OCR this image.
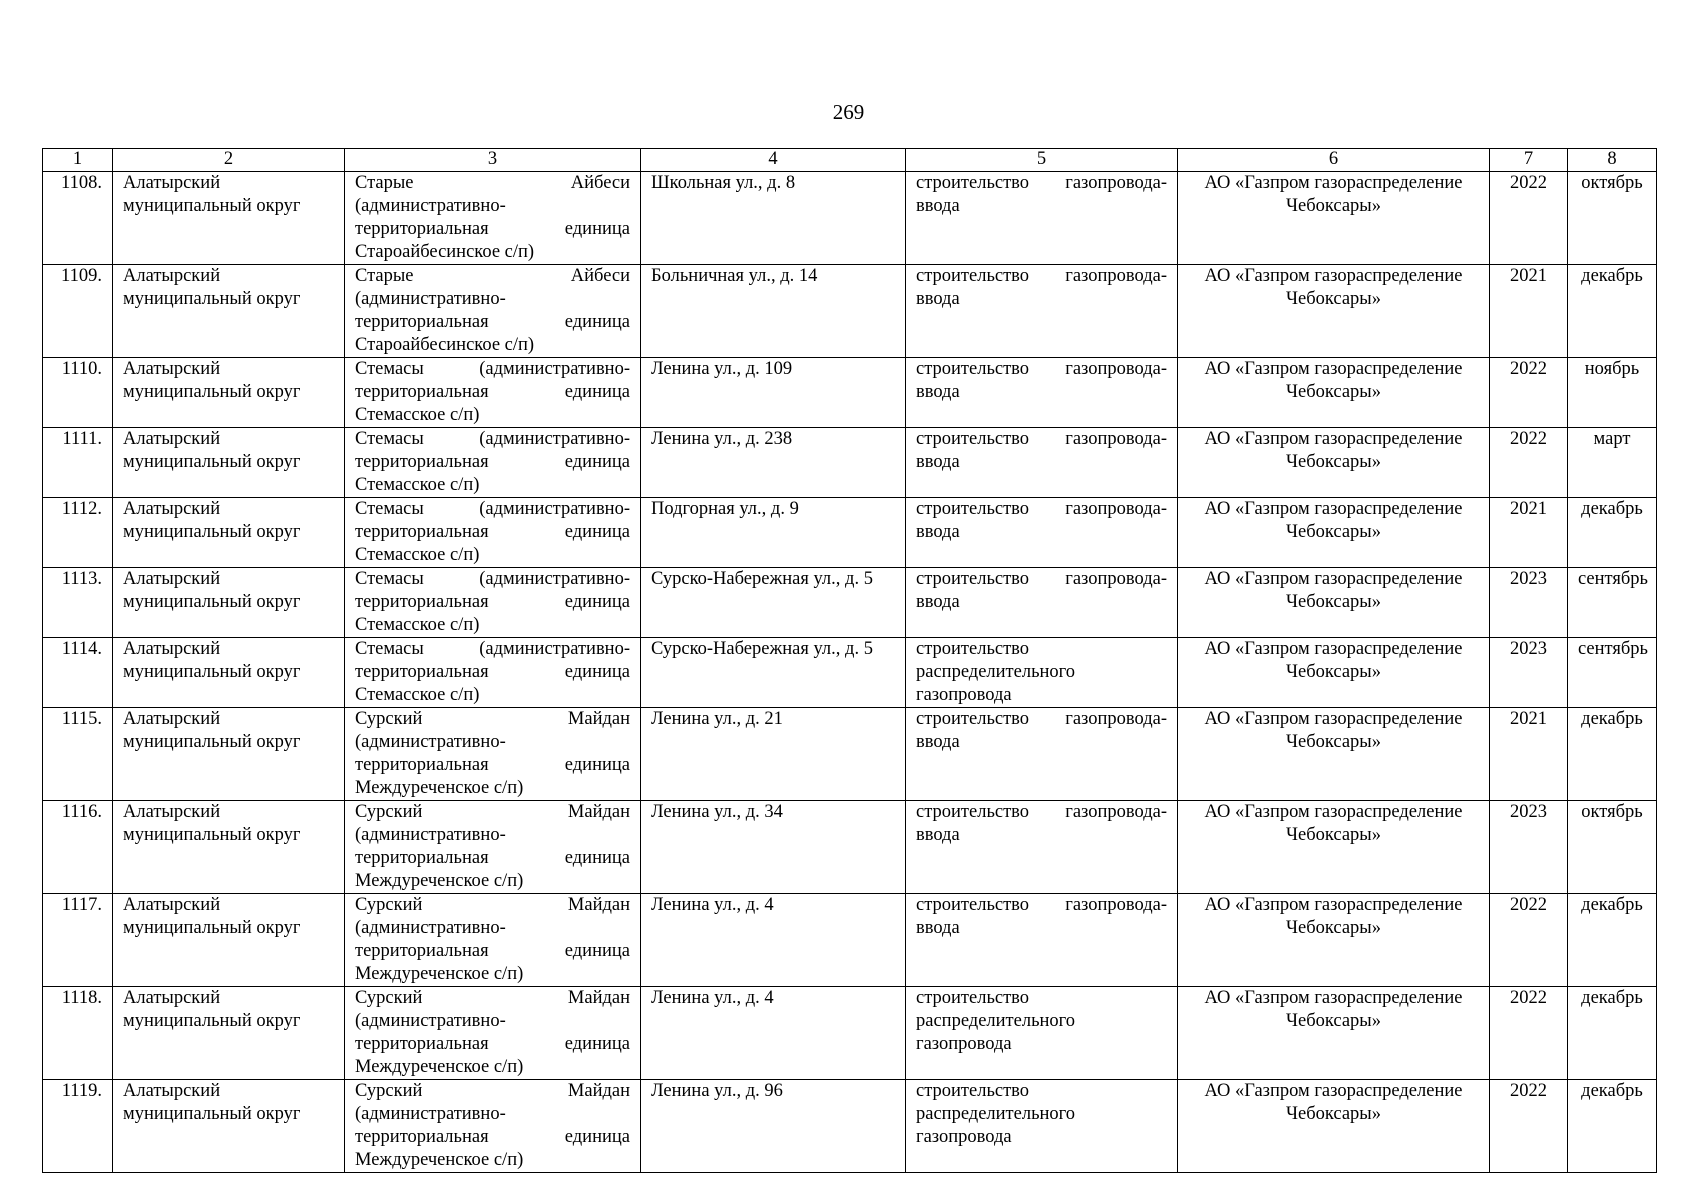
269
1	2	3	4	5	6	7	8
1108.	Алатырский муниципальный округ	Старые Айбеси (административно-территориальная единица Староайбесинское с/п)	Школьная ул., д. 8	строительство газопровода-ввода	АО «Газпром газораспределение Чебоксары»	2022	октябрь
1109.	Алатырский муниципальный округ	Старые Айбеси (административно-территориальная единица Староайбесинское с/п)	Больничная ул., д. 14	строительство газопровода-ввода	АО «Газпром газораспределение Чебоксары»	2021	декабрь
1110.	Алатырский муниципальный округ	Стемасы (административно-территориальная единица Стемасское с/п)	Ленина ул., д. 109	строительство газопровода-ввода	АО «Газпром газораспределение Чебоксары»	2022	ноябрь
1111.	Алатырский муниципальный округ	Стемасы (административно-территориальная единица Стемасское с/п)	Ленина ул., д. 238	строительство газопровода-ввода	АО «Газпром газораспределение Чебоксары»	2022	март
1112.	Алатырский муниципальный округ	Стемасы (административно-территориальная единица Стемасское с/п)	Подгорная ул., д. 9	строительство газопровода-ввода	АО «Газпром газораспределение Чебоксары»	2021	декабрь
1113.	Алатырский муниципальный округ	Стемасы (административно-территориальная единица Стемасское с/п)	Сурско-Набережная ул., д. 5	строительство газопровода-ввода	АО «Газпром газораспределение Чебоксары»	2023	сентябрь
1114.	Алатырский муниципальный округ	Стемасы (административно-территориальная единица Стемасское с/п)	Сурско-Набережная ул., д. 5	строительство распределительного газопровода	АО «Газпром газораспределение Чебоксары»	2023	сентябрь
1115.	Алатырский муниципальный округ	Сурский Майдан (административно-территориальная единица Междуреченское с/п)	Ленина ул., д. 21	строительство газопровода-ввода	АО «Газпром газораспределение Чебоксары»	2021	декабрь
1116.	Алатырский муниципальный округ	Сурский Майдан (административно-территориальная единица Междуреченское с/п)	Ленина ул., д. 34	строительство газопровода-ввода	АО «Газпром газораспределение Чебоксары»	2023	октябрь
1117.	Алатырский муниципальный округ	Сурский Майдан (административно-территориальная единица Междуреченское с/п)	Ленина ул., д. 4	строительство газопровода-ввода	АО «Газпром газораспределение Чебоксары»	2022	декабрь
1118.	Алатырский муниципальный округ	Сурский Майдан (административно-территориальная единица Междуреченское с/п)	Ленина ул., д. 4	строительство распределительного газопровода	АО «Газпром газораспределение Чебоксары»	2022	декабрь
1119.	Алатырский муниципальный округ	Сурский Майдан (административно-территориальная единица Междуреченское с/п)	Ленина ул., д. 96	строительство распределительного газопровода	АО «Газпром газораспределение Чебоксары»	2022	декабрь
